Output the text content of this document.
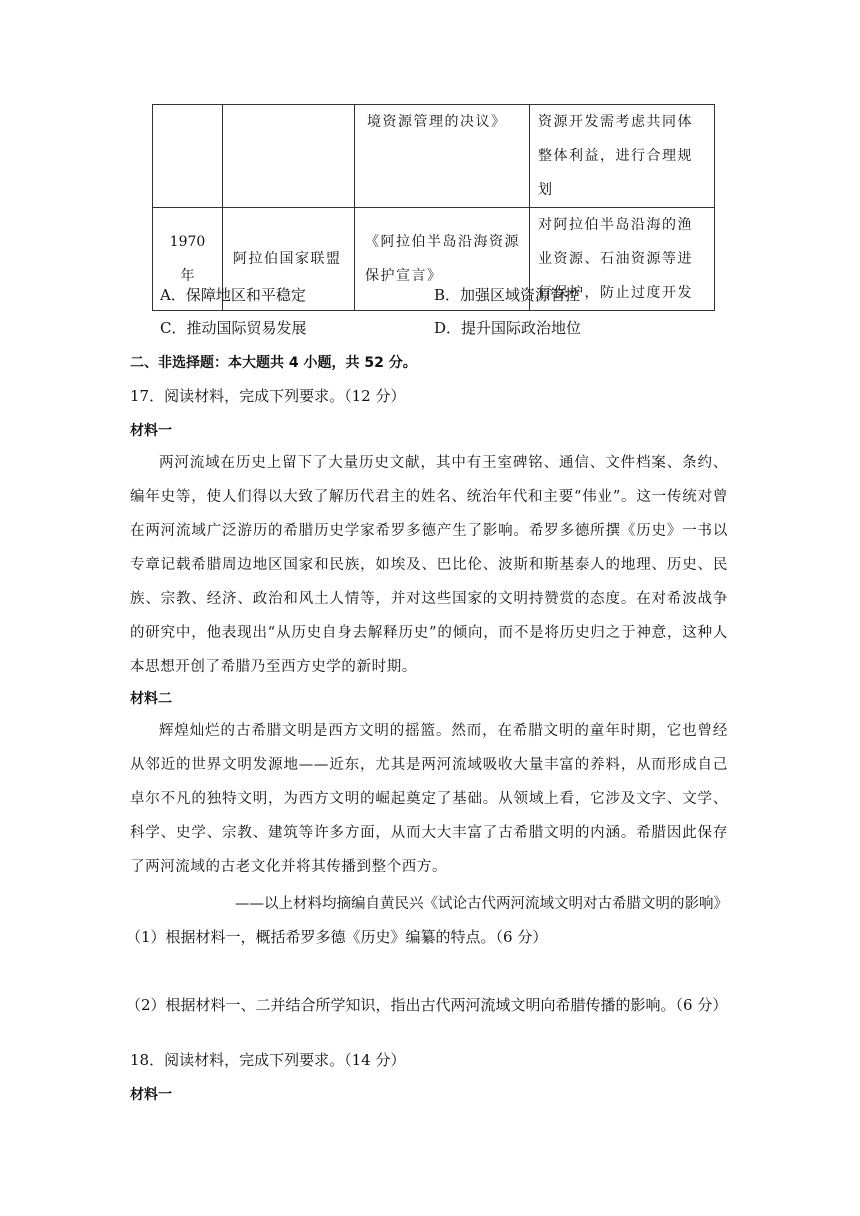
		境资源管理的决议》	资源开发需考虑共同体整体利益，进行合理规划

1970 年	阿拉伯国家联盟	《阿拉伯半岛沿海资源保护宣言》	对阿拉伯半岛沿海的渔业资源、石油资源等进行保护，防止过度开发
A．保障地区和平稳定	B．加强区域资源管控
C．推动国际贸易发展	D．提升国际政治地位
二、非选择题：本大题共 4 小题，共 52 分。
17．阅读材料，完成下列要求。（12 分）
材料一
两河流域在历史上留下了大量历史文献，其中有王室碑铭、通信、文件档案、条约、编年史等，使人们得以大致了解历代君主的姓名、统治年代和主要“伟业”。这一传统对曾在两河流域广泛游历的希腊历史学家希罗多德产生了影响。希罗多德所撰《历史》一书以专章记载希腊周边地区国家和民族，如埃及、巴比伦、波斯和斯基泰人的地理、历史、民族、宗教、经济、政治和风土人情等，并对这些国家的文明持赞赏的态度。在对希波战争的研究中，他表现出“从历史自身去解释历史”的倾向，而不是将历史归之于神意，这种人本思想开创了希腊乃至西方史学的新时期。
材料二
辉煌灿烂的古希腊文明是西方文明的摇篮。然而，在希腊文明的童年时期，它也曾经从邻近的世界文明发源地——近东，尤其是两河流域吸收大量丰富的养料，从而形成自己卓尔不凡的独特文明，为西方文明的崛起奠定了基础。从领域上看，它涉及文字、文学、科学、史学、宗教、建筑等许多方面，从而大大丰富了古希腊文明的内涵。希腊因此保存了两河流域的古老文化并将其传播到整个西方。
——以上材料均摘编自黄民兴《试论古代两河流域文明对古希腊文明的影响》
（1）根据材料一，概括希罗多德《历史》编纂的特点。（6 分）
（2）根据材料一、二并结合所学知识，指出古代两河流域文明向希腊传播的影响。（6 分）
18．阅读材料，完成下列要求。（14 分）
材料一
